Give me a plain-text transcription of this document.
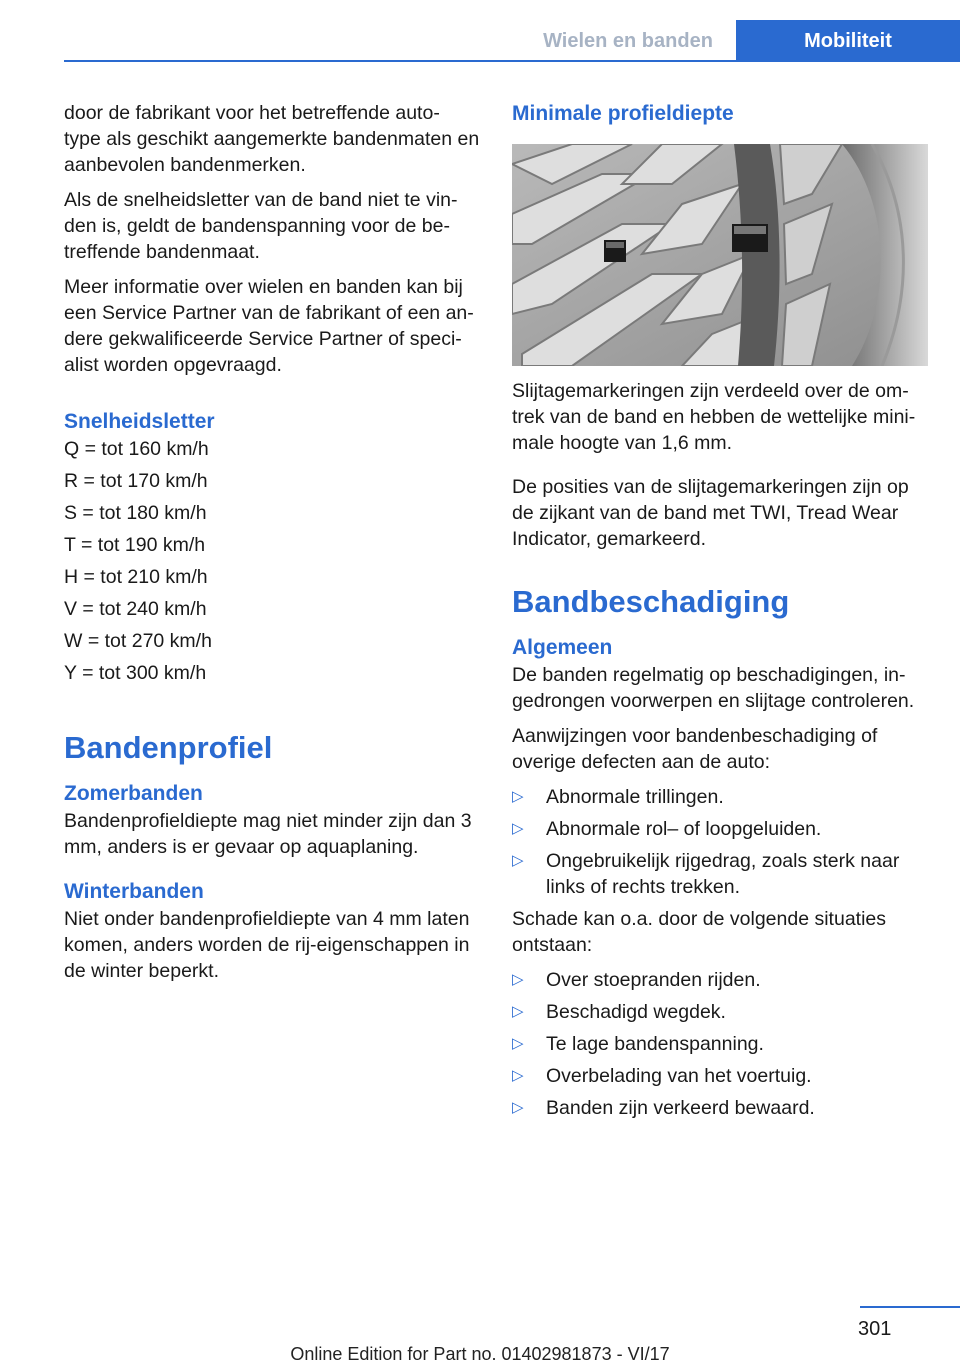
Wielen en banden	Mobiliteit

door de fabrikant voor het betreffende auto‐ type als geschikt aangemerkte bandenmaten en aanbevolen bandenmerken.

Als de snelheidsletter van de band niet te vin‐ den is, geldt de bandenspanning voor de be‐ treffende bandenmaat.

Meer informatie over wielen en banden kan bij een Service Partner van de fabrikant of een an‐ dere gekwalificeerde Service Partner of speci‐ alist worden opgevraagd.

Snelheidsletter

Q = tot 160 km/h

R = tot 170 km/h

S = tot 180 km/h

T = tot 190 km/h

H = tot 210 km/h

V = tot 240 km/h

W = tot 270 km/h

Y = tot 300 km/h

Bandenprofiel
Zomerbanden

Bandenprofieldiepte mag niet minder zijn dan 3 mm, anders is er gevaar op aquaplaning.

Winterbanden

Niet onder bandenprofieldiepte van 4 mm laten komen, anders worden de rij-eigenschappen in de winter beperkt.

Minimale profieldiepte

Slijtagemarkeringen zijn verdeeld over de om‐ trek van de band en hebben de wettelijke mini‐ male hoogte van 1,6 mm.

De posities van de slijtagemarkeringen zijn op de zijkant van de band met TWI, Tread Wear Indicator, gemarkeerd.

Bandbeschadiging
Algemeen

De banden regelmatig op beschadigingen, in‐ gedrongen voorwerpen en slijtage controleren.

Aanwijzingen voor bandenbeschadiging of overige defecten aan de auto:

▷ Abnormale trillingen.
▷ Abnormale rol– of loopgeluiden.
▷ Ongebruikelijk rijgedrag, zoals sterk naar links of rechts trekken.

Schade kan o.a. door de volgende situaties ontstaan:

▷ Over stoepranden rijden.
▷ Beschadigd wegdek.
▷ Te lage bandenspanning.
▷ Overbelading van het voertuig.
▷ Banden zijn verkeerd bewaard.
301
Online Edition for Part no. 01402981873 - VI/17
